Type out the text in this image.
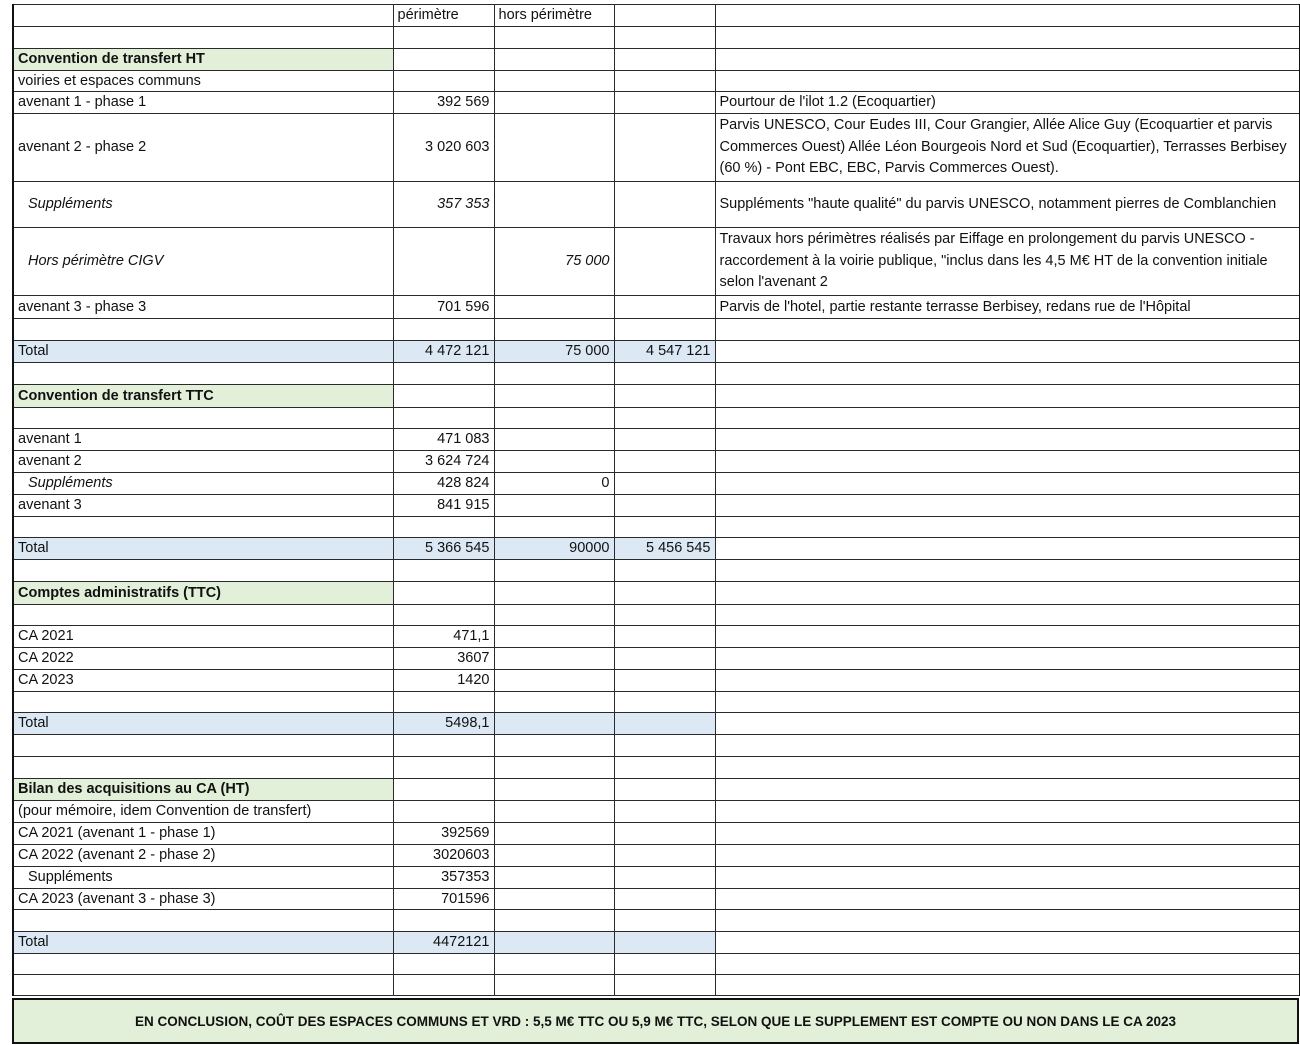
	périmètre	hors périmètre		

Convention de transfert HT				
voiries et espaces communs				
avenant 1 - phase 1	392 569			Pourtour de l'ilot 1.2 (Ecoquartier)
avenant 2 - phase 2	3 020 603			Parvis UNESCO, Cour Eudes III, Cour Grangier, Allée Alice Guy (Ecoquartier et parvis Commerces Ouest) Allée Léon Bourgeois Nord et Sud (Ecoquartier), Terrasses Berbisey (60 %) - Pont EBC, EBC, Parvis Commerces Ouest).
Suppléments	357 353			Suppléments "haute qualité" du parvis UNESCO, notamment pierres de Comblanchien
Hors périmètre CIGV		75 000		Travaux hors périmètres réalisés par Eiffage en prolongement du parvis UNESCO - raccordement à la voirie publique, "inclus dans les 4,5 M€ HT de la convention initiale selon l'avenant 2
avenant 3 - phase 3	701 596			Parvis de l'hotel, partie restante terrasse Berbisey, redans rue de l'Hôpital

Total	4 472 121	75 000	4 547 121	

Convention de transfert TTC				

avenant 1	471 083			
avenant 2	3 624 724			
Suppléments	428 824	0		
avenant 3	841 915			

Total	5 366 545	90000	5 456 545	

Comptes administratifs (TTC)				

CA 2021	471,1			
CA 2022	3607			
CA 2023	1420			

Total	5498,1			

Bilan des acquisitions au CA (HT)				
(pour mémoire, idem Convention de transfert)				
CA 2021 (avenant 1 - phase 1)	392569			
CA 2022 (avenant 2 - phase 2)	3020603			
Suppléments	357353			
CA 2023 (avenant 3 - phase 3)	701596			

Total	4472121			

EN CONCLUSION, COÛT DES ESPACES COMMUNS ET VRD : 5,5 M€ TTC OU 5,9 M€ TTC, SELON QUE LE SUPPLEMENT EST COMPTE OU NON DANS LE CA 2023
